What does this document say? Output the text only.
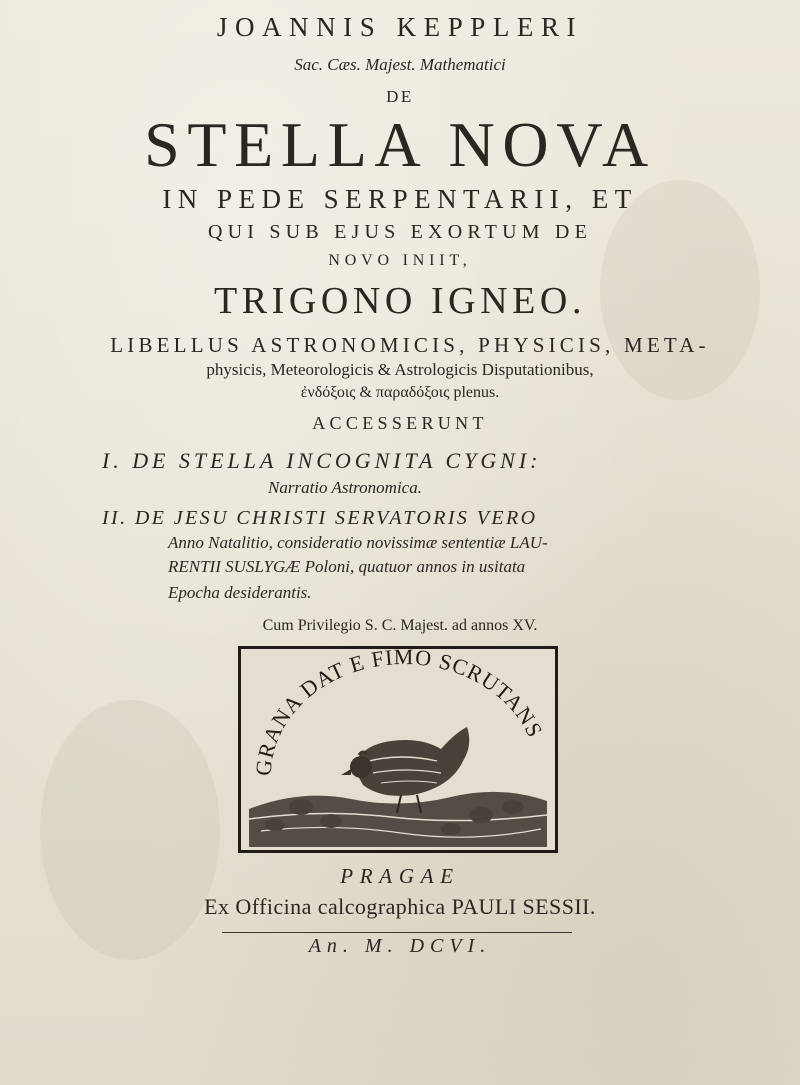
JOANNIS KEPPLERI
Sac. Cæs. Majest. Mathematici
DE
STELLA NOVA
IN PEDE SERPENTARII, ET
QUI SUB EJUS EXORTUM DE
NOVO INIIT,
TRIGONO IGNEO.
LIBELLUS ASTRONOMICIS, PHYSICIS, META-
physicis, Meteorologicis & Astrologicis Disputationibus,
ἐνδόξοις & παραδόξοις plenus.
ACCESSERUNT
I. DE STELLA INCOGNITA CYGNI:
Narratio Astronomica.
II. DE JESU CHRISTI SERVATORIS VERO
Anno Natalitio, consideratio novissimæ sententiæ LAU-
RENTII SUSLYGÆ Poloni, quatuor annos in usitata
Epocha desiderantis.
Cum Privilegio S. C. Majest. ad annos XV.
GRANA DAT E FIMO SCRUTANS
PRAGAE
Ex Officina calcographica PAULI SESSII.
An. M. DCVI.
